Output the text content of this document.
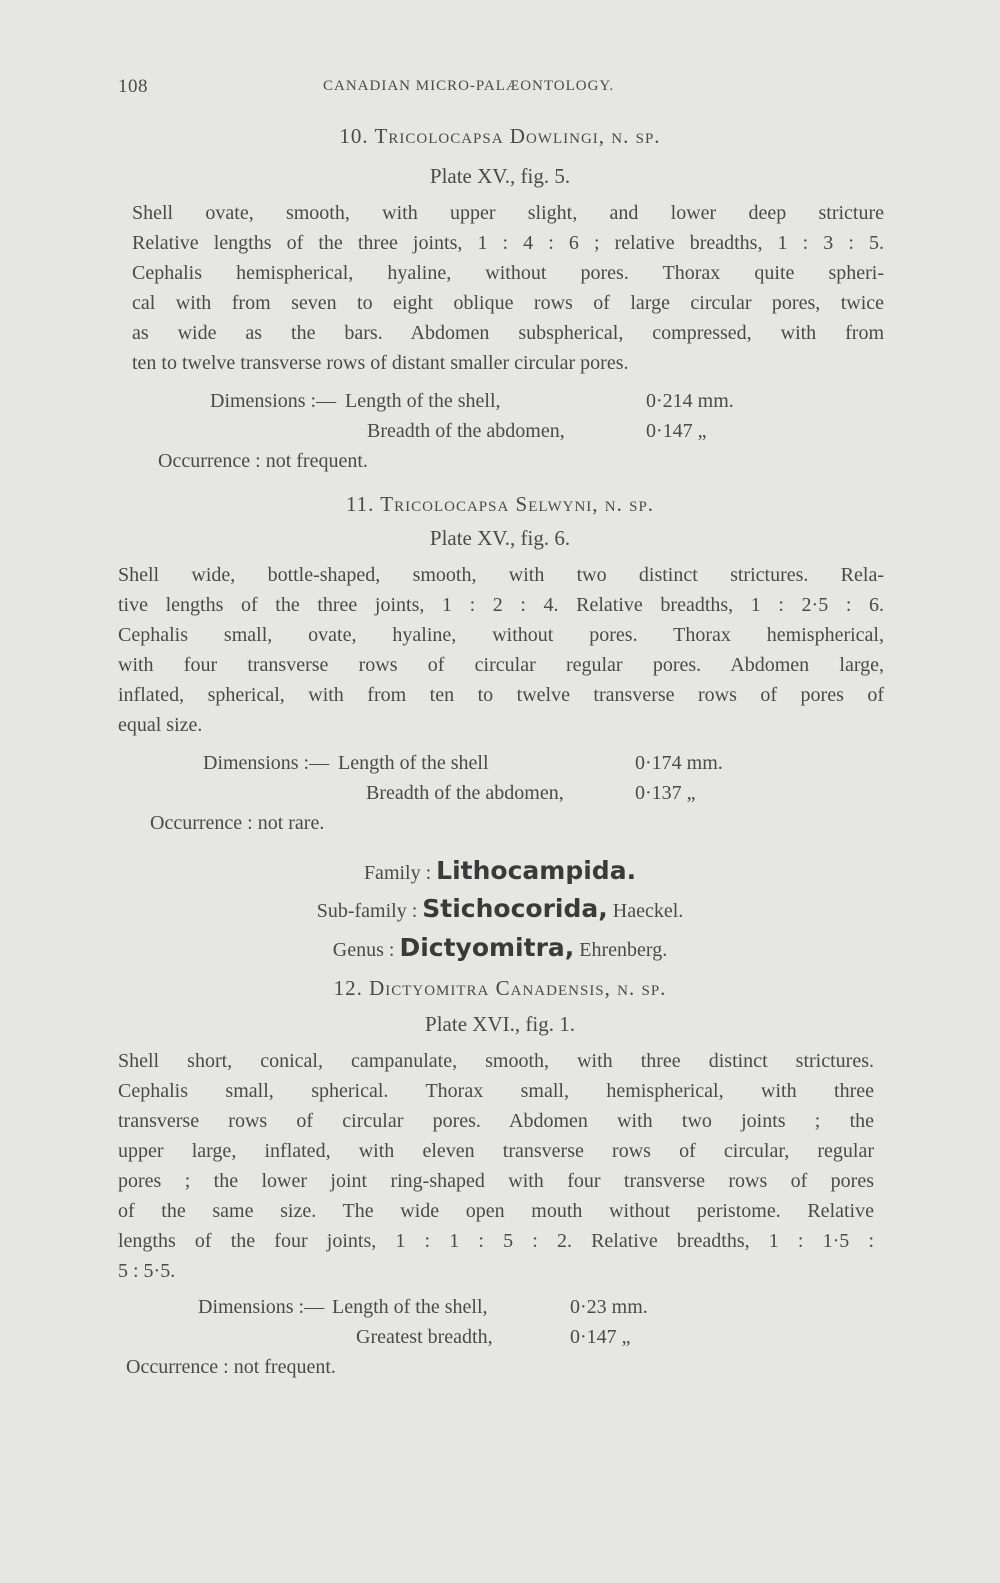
108	CANADIAN MICRO-PALÆONTOLOGY.
10. Tricolocapsa Dowlingi, n. sp.
Plate XV., fig. 5.
Shell ovate, smooth, with upper slight, and lower deep stricture
Relative lengths of the three joints, 1 : 4 : 6 ; relative breadths, 1 : 3 : 5.
Cephalis hemispherical, hyaline, without pores. Thorax quite spheri-
cal with from seven to eight oblique rows of large circular pores, twice
as wide as the bars. Abdomen subspherical, compressed, with from
ten to twelve transverse rows of distant smaller circular pores.
Dimensions :— Length of the shell,	0·214 mm.
Breadth of the abdomen,	0·147 „
Occurrence : not frequent.
11. Tricolocapsa Selwyni, n. sp.
Plate XV., fig. 6.
Shell wide, bottle-shaped, smooth, with two distinct strictures. Rela-
tive lengths of the three joints, 1 : 2 : 4. Relative breadths, 1 : 2·5 : 6.
Cephalis small, ovate, hyaline, without pores. Thorax hemispherical,
with four transverse rows of circular regular pores. Abdomen large,
inflated, spherical, with from ten to twelve transverse rows of pores of
equal size.
Dimensions :— Length of the shell	0·174 mm.
Breadth of the abdomen,	0·137 „
Occurrence : not rare.
Family : Lithocampida.
Sub-family : Stichocorida, Haeckel.
Genus : Dictyomitra, Ehrenberg.
12. Dictyomitra Canadensis, n. sp.
Plate XVI., fig. 1.
Shell short, conical, campanulate, smooth, with three distinct strictures.
Cephalis small, spherical. Thorax small, hemispherical, with three
transverse rows of circular pores. Abdomen with two joints ; the
upper large, inflated, with eleven transverse rows of circular, regular
pores ; the lower joint ring-shaped with four transverse rows of pores
of the same size. The wide open mouth without peristome. Relative
lengths of the four joints, 1 : 1 : 5 : 2. Relative breadths, 1 : 1·5 :
5 : 5·5.
Dimensions :— Length of the shell,	0·23 mm.
Greatest breadth,	0·147 „
Occurrence : not frequent.
